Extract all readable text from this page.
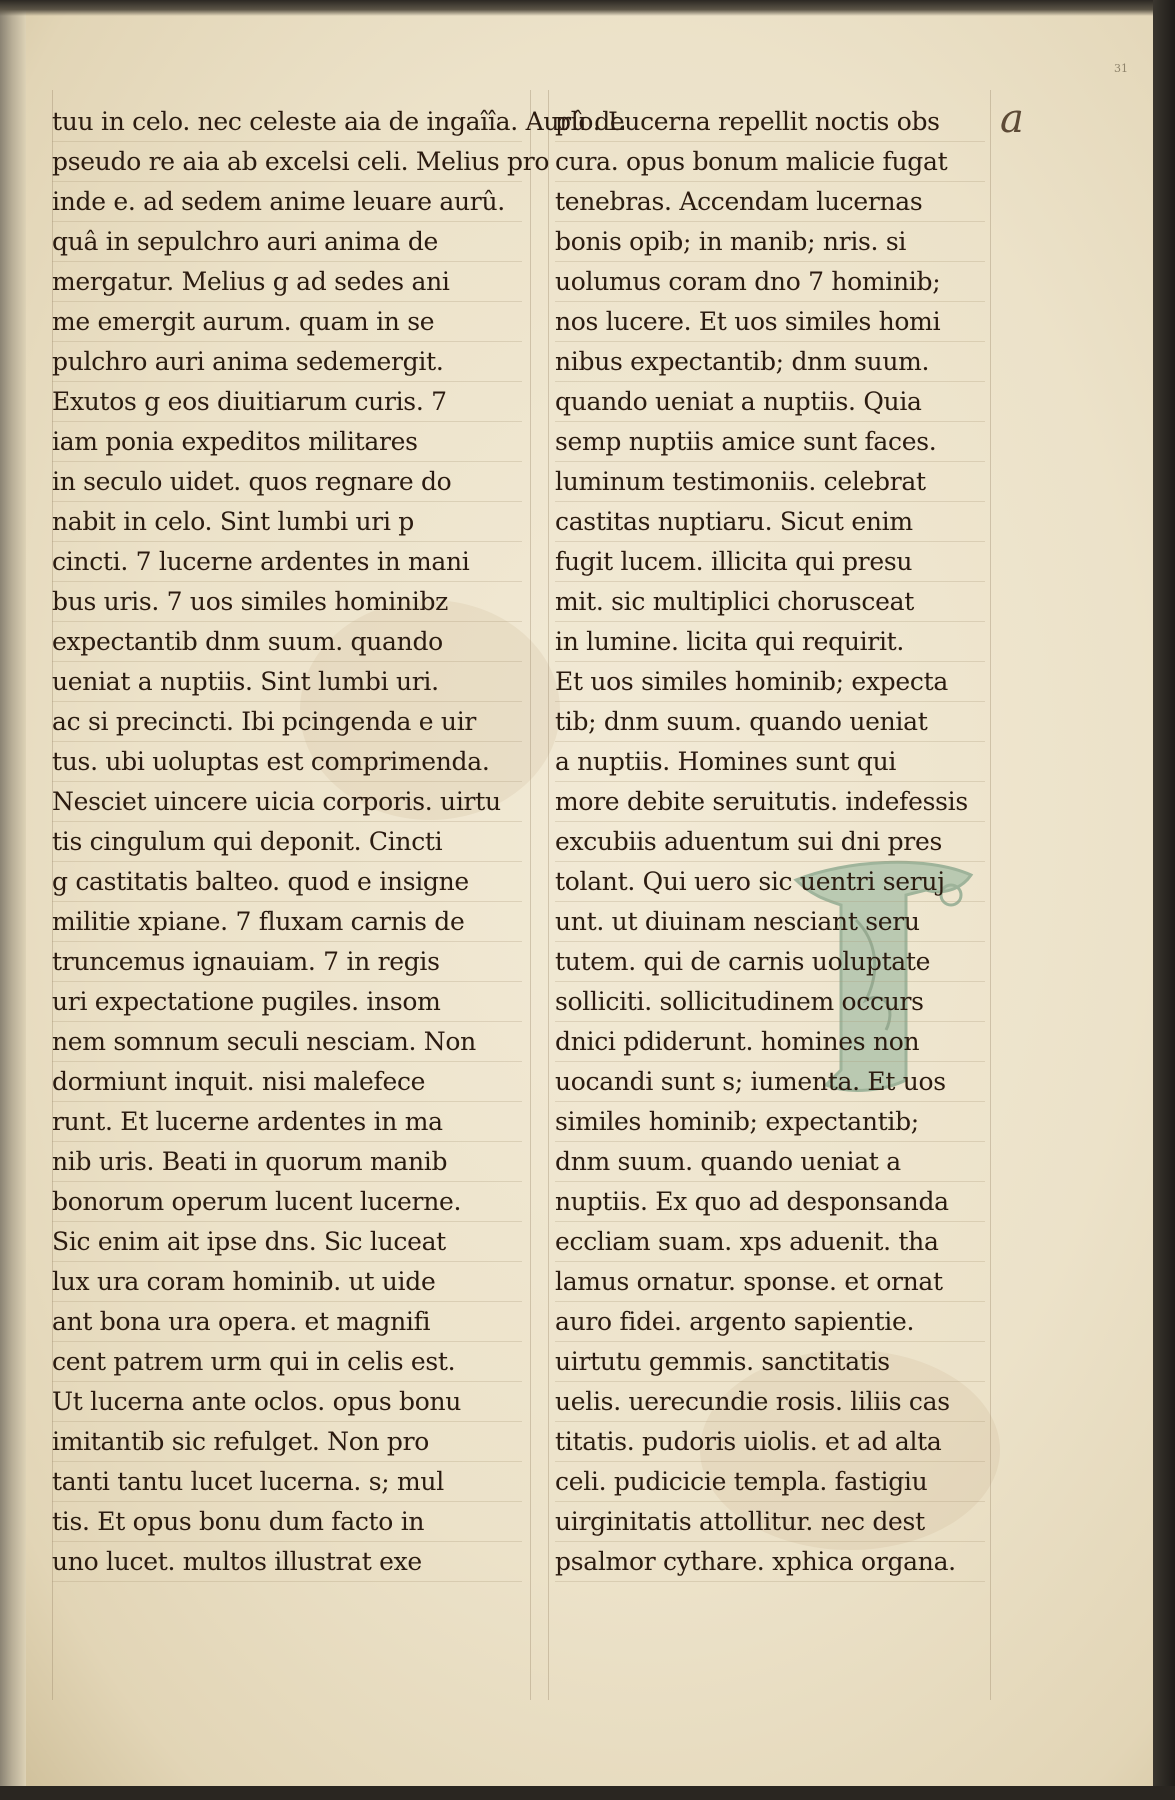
31
a
tuu in celo. nec celeste aia de ingaîîa. Aurû de
pseudo re aia ab excelsi celi. Melius pro
inde e. ad sedem anime leuare aurû.
quâ in sepulchro auri anima de
mergatur. Melius g ad sedes ani
me emergit aurum. quam in se
pulchro auri anima sedemergit.
Exutos g eos diuitiarum curis. 7
iam ponia expeditos militares
in seculo uidet. quos regnare do
nabit in celo. Sint lumbi uri p
cincti. 7 lucerne ardentes in mani
bus uris. 7 uos similes hominibz
expectantib dnm suum. quando
ueniat a nuptiis. Sint lumbi uri.
ac si precincti. Ibi pcingenda e uir
tus. ubi uoluptas est comprimenda.
Nesciet uincere uicia corporis. uirtu
tis cingulum qui deponit. Cincti
g castitatis balteo. quod e insigne
militie xpiane. 7 fluxam carnis de
truncemus ignauiam. 7 in regis
uri expectatione pugiles. insom
nem somnum seculi nesciam. Non
dormiunt inquit. nisi malefece
runt. Et lucerne ardentes in ma
nib uris. Beati in quorum manib
bonorum operum lucent lucerne.
Sic enim ait ipse dns. Sic luceat
lux ura coram hominib. ut uide
ant bona ura opera. et magnifi
cent patrem urm qui in celis est.
Ut lucerna ante oclos. opus bonu
imitantib sic refulget. Non pro
tanti tantu lucet lucerna. s; mul
tis. Et opus bonu dum facto in
uno lucet. multos illustrat exe
plo. Lucerna repellit noctis obs
cura. opus bonum malicie fugat
tenebras. Accendam lucernas
bonis opib; in manib; nris. si
uolumus coram dno 7 hominib;
nos lucere. Et uos similes homi
nibus expectantib; dnm suum.
quando ueniat a nuptiis. Quia
semp nuptiis amice sunt faces.
luminum testimoniis. celebrat
castitas nuptiaru. Sicut enim
fugit lucem. illicita qui presu
mit. sic multiplici chorusceat
in lumine. licita qui requirit.
Et uos similes hominib; expecta
tib; dnm suum. quando ueniat
a nuptiis. Homines sunt qui
more debite seruitutis. indefessis
excubiis aduentum sui dni pres
tolant. Qui uero sic uentri seruj
unt. ut diuinam nesciant seru
tutem. qui de carnis uoluptate
solliciti. sollicitudinem occurs
dnici pdiderunt. homines non
uocandi sunt s; iumenta. Et uos
similes hominib; expectantib;
dnm suum. quando ueniat a
nuptiis. Ex quo ad desponsanda
eccliam suam. xps aduenit. tha
lamus ornatur. sponse. et ornat
auro fidei. argento sapientie.
uirtutu gemmis. sanctitatis
uelis. uerecundie rosis. liliis cas
titatis. pudoris uiolis. et ad alta
celi. pudicicie templa. fastigiu
uirginitatis attollitur. nec dest
psalmor cythare. xphica organa.
